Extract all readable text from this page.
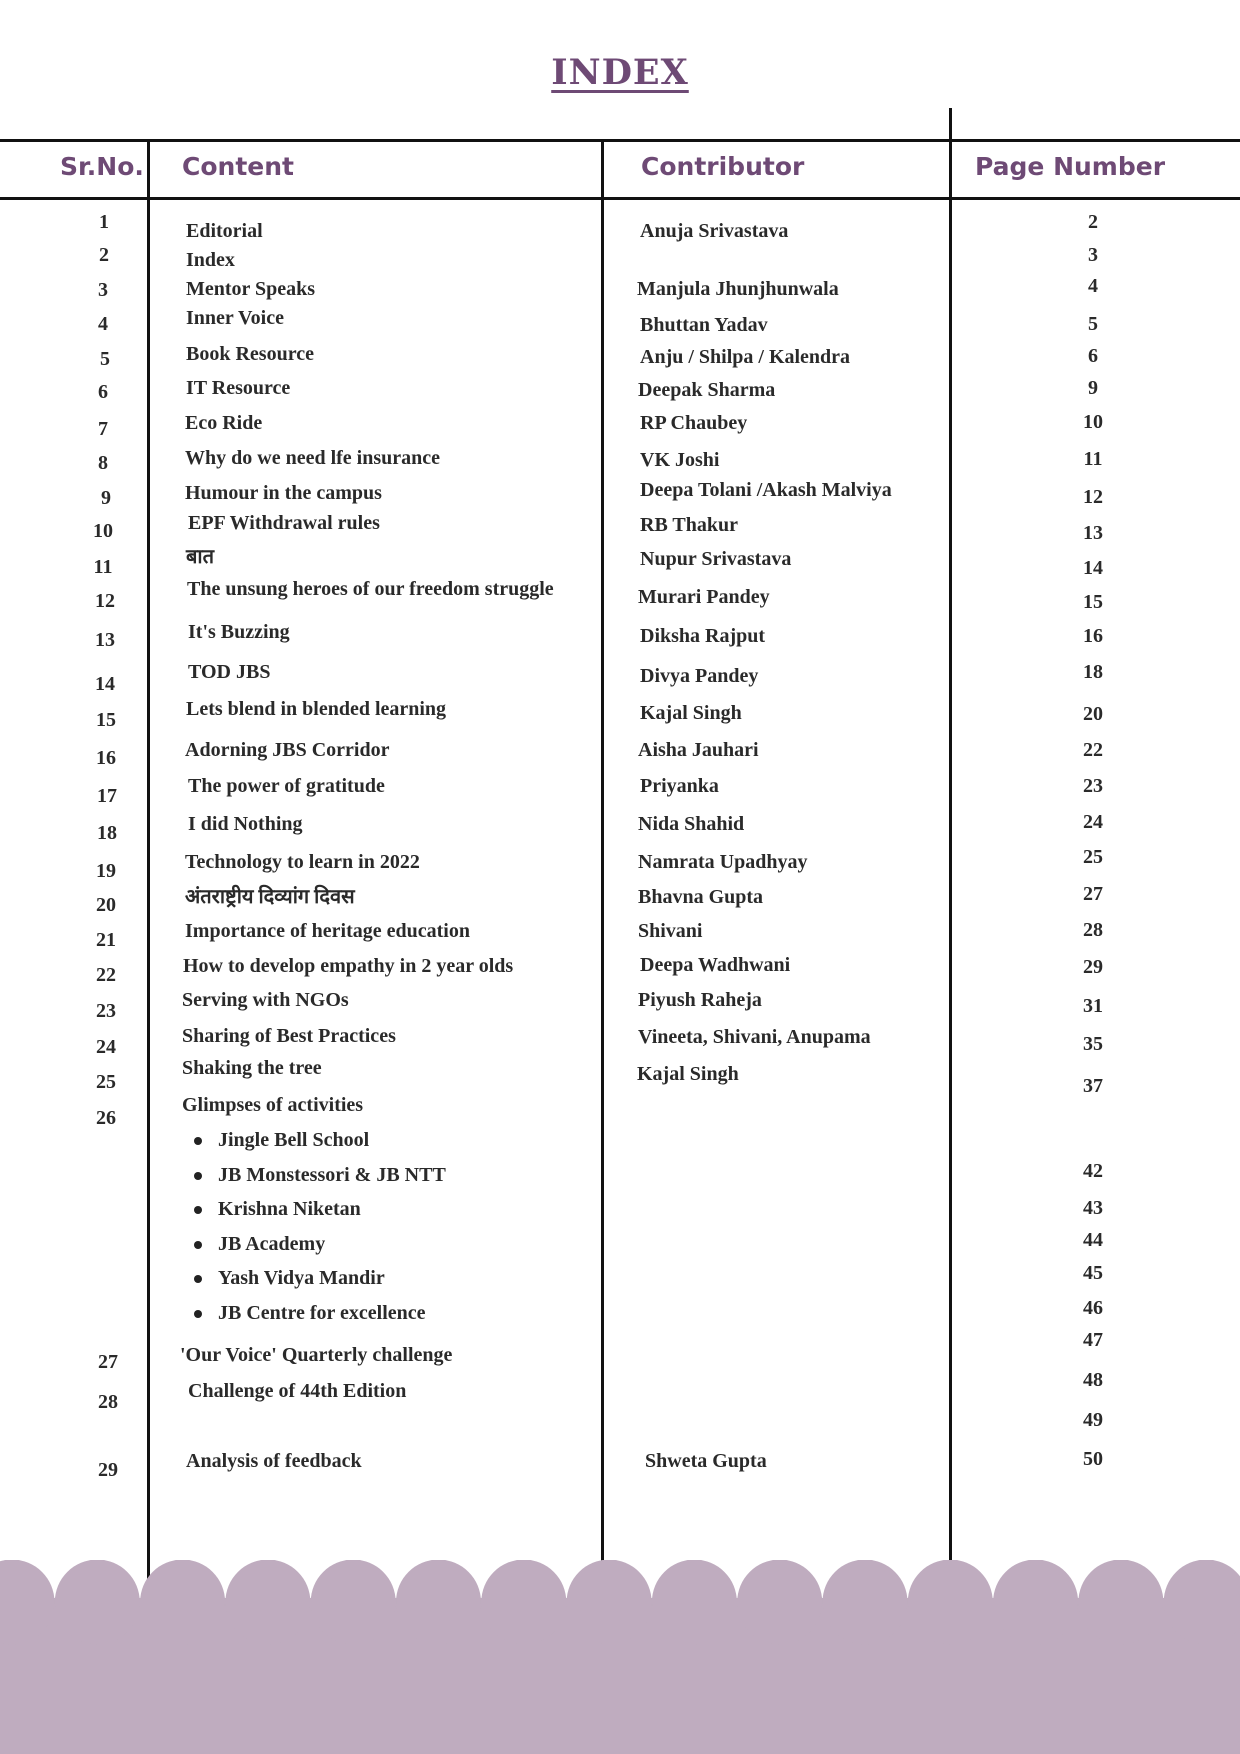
INDEX
Sr.No. Content	Contributor	Page Number
1
2
3
4
5
6
7
8
9
10
11
12
13
14
15
16
17
18
19
20
21
22
23
24
25
26
27
28
29
Editorial
Index
Mentor Speaks
Inner Voice
Book Resource
IT Resource
Eco Ride
Why do we need lfe insurance
Humour in the campus
EPF Withdrawal rules
बात
The unsung heroes of our freedom struggle
It's Buzzing
TOD JBS
Lets blend in blended learning
Adorning JBS Corridor
The power of gratitude
I did Nothing
Technology to learn in 2022
अंतराष्ट्रीय दिव्यांग दिवस
Importance of heritage education
How to develop empathy in 2 year olds
Serving with NGOs
Sharing of Best Practices
Shaking the tree
Glimpses of activities
'Our Voice' Quarterly challenge
Challenge of 44th Edition
Analysis of feedback
Jingle Bell School
JB Monstessori & JB NTT
Krishna Niketan
JB Academy
Yash Vidya Mandir
JB Centre for excellence
Anuja Srivastava
Manjula Jhunjhunwala
Bhuttan Yadav
Anju / Shilpa / Kalendra
Deepak Sharma
RP Chaubey
VK Joshi
Deepa Tolani /Akash Malviya
RB Thakur
Nupur Srivastava
Murari Pandey
Diksha Rajput
Divya Pandey
Kajal Singh
Aisha Jauhari
Priyanka
Nida Shahid
Namrata Upadhyay
Bhavna Gupta
Shivani
Deepa Wadhwani
Piyush Raheja
Vineeta, Shivani, Anupama
Kajal Singh
Shweta Gupta
2
3
4
5
6
9
10
11
12
13
14
15
16
18
20
22
23
24
25
27
28
29
31
35
37
42
43
44
45
46
47
48
49
50
